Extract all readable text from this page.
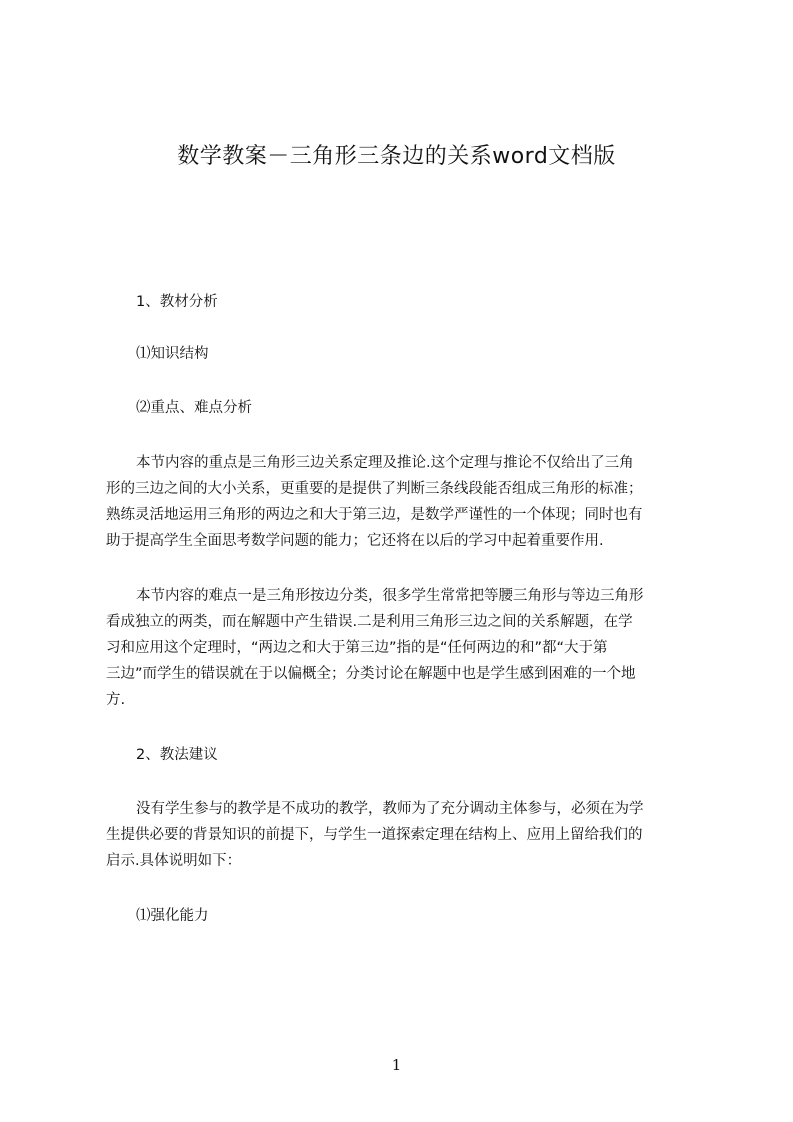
数学教案－三角形三条边的关系word文档版
1、教材分析
⑴知识结构
⑵重点、难点分析
本节内容的重点是三角形三边关系定理及推论.这个定理与推论不仅给出了三角
形的三边之间的大小关系，更重要的是提供了判断三条线段能否组成三角形的标准；
熟练灵活地运用三角形的两边之和大于第三边，是数学严谨性的一个体现；同时也有
助于提高学生全面思考数学问题的能力；它还将在以后的学习中起着重要作用.
本节内容的难点一是三角形按边分类，很多学生常常把等腰三角形与等边三角形
看成独立的两类，而在解题中产生错误.二是利用三角形三边之间的关系解题，在学
习和应用这个定理时，“两边之和大于第三边”指的是“任何两边的和”都“大于第
三边”而学生的错误就在于以偏概全；分类讨论在解题中也是学生感到困难的一个地
方.
2、教法建议
没有学生参与的教学是不成功的教学，教师为了充分调动主体参与，必须在为学
生提供必要的背景知识的前提下，与学生一道探索定理在结构上、应用上留给我们的
启示.具体说明如下：
⑴强化能力
1
